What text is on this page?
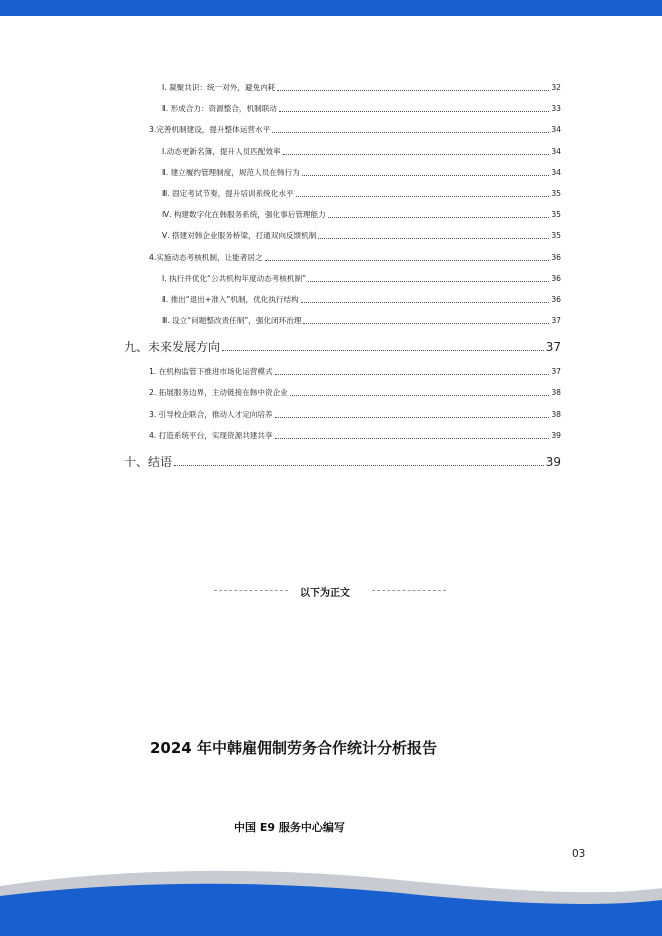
Ⅰ. 凝聚共识：统一对外，避免内耗	32
Ⅱ. 形成合力：资源整合，机制联动	33
3.完善机制建设，提升整体运营水平	34
Ⅰ.动态更新名簿，提升人员匹配效率	34
Ⅱ. 建立履约管理制度，规范人员在韩行为	34
Ⅲ. 固定考试节奏，提升培训系统化水平	35
Ⅳ. 构建数字化在韩服务系统，强化事后管理能力	35
Ⅴ. 搭建对韩企业服务桥梁，打通双向反馈机制	35
4.实施动态考核机制，让能者居之	36
Ⅰ. 执行并优化“公共机构年度动态考核机制”	36
Ⅱ. 推出“退出+准入”机制，优化执行结构	36
Ⅲ. 设立“问题整改责任制”，强化闭环治理	37
九、未来发展方向	37
1. 在机构监管下推进市场化运营模式	37
2. 拓展服务边界，主动链接在韩中资企业	38
3. 引导校企联合，推动人才定向培养	38
4. 打造系统平台，实现资源共建共享	39
十、结语	39
以下为正文
2024 年中韩雇佣制劳务合作统计分析报告
中国 E9 服务中心编写
03
